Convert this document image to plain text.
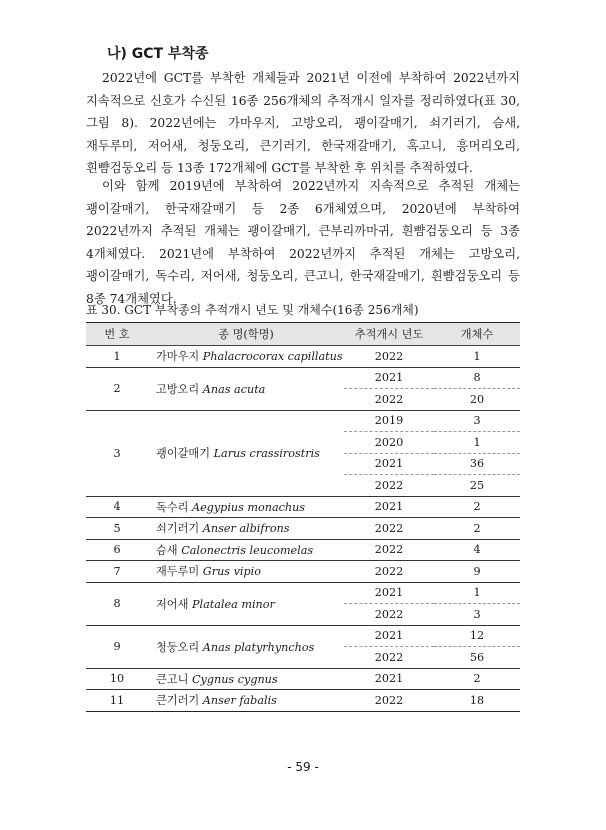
나) GCT 부착종

2022년에 GCT를 부착한 개체들과 2021년 이전에 부착하여 2022년까지 지속적으로 신호가 수신된 16종 256개체의 추적개시 일자를 정리하였다(표 30, 그림 8). 2022년에는 가마우지, 고방오리, 괭이갈매기, 쇠기러기, 슴새, 재두루미, 저어새, 청둥오리, 큰기러기, 한국재갈매기, 혹고니, 흥머리오리, 흰뺨검둥오리 등 13종 172개체에 GCT를 부착한 후 위치를 추적하였다.

이와 함께 2019년에 부착하여 2022년까지 지속적으로 추적된 개체는 괭이갈매기, 한국재갈매기 등 2종 6개체였으며, 2020년에 부착하여 2022년까지 추적된 개체는 괭이갈매기, 큰부리까마귀, 흰뺨검둥오리 등 3종 4개체였다. 2021년에 부착하여 2022년까지 추적된 개체는 고방오리, 괭이갈매기, 독수리, 저어새, 청둥오리, 큰고니, 한국재갈매기, 흰뺨검둥오리 등 8종 74개체였다.

표 30. GCT 부착종의 추적개시 년도 및 개체수(16종 256개체)
번 호	종 명(학명)	추적개시 년도	개체수
1	가마우지 Phalacrocorax capillatus	2022	1
2	고방오리 Anas acuta	2021	8
		2022	20
3	괭이갈매기 Larus crassirostris	2019	3
		2020	1
		2021	36
		2022	25
4	독수리 Aegypius monachus	2021	2
5	쇠기러기 Anser albifrons	2022	2
6	슴새 Calonectris leucomelas	2022	4
7	재두루미 Grus vipio	2022	9
8	저어새 Platalea minor	2021	1
		2022	3
9	청둥오리 Anas platyrhynchos	2021	12
		2022	56
10	큰고니 Cygnus cygnus	2021	2
11	큰기러기 Anser fabalis	2022	18
- 59 -
